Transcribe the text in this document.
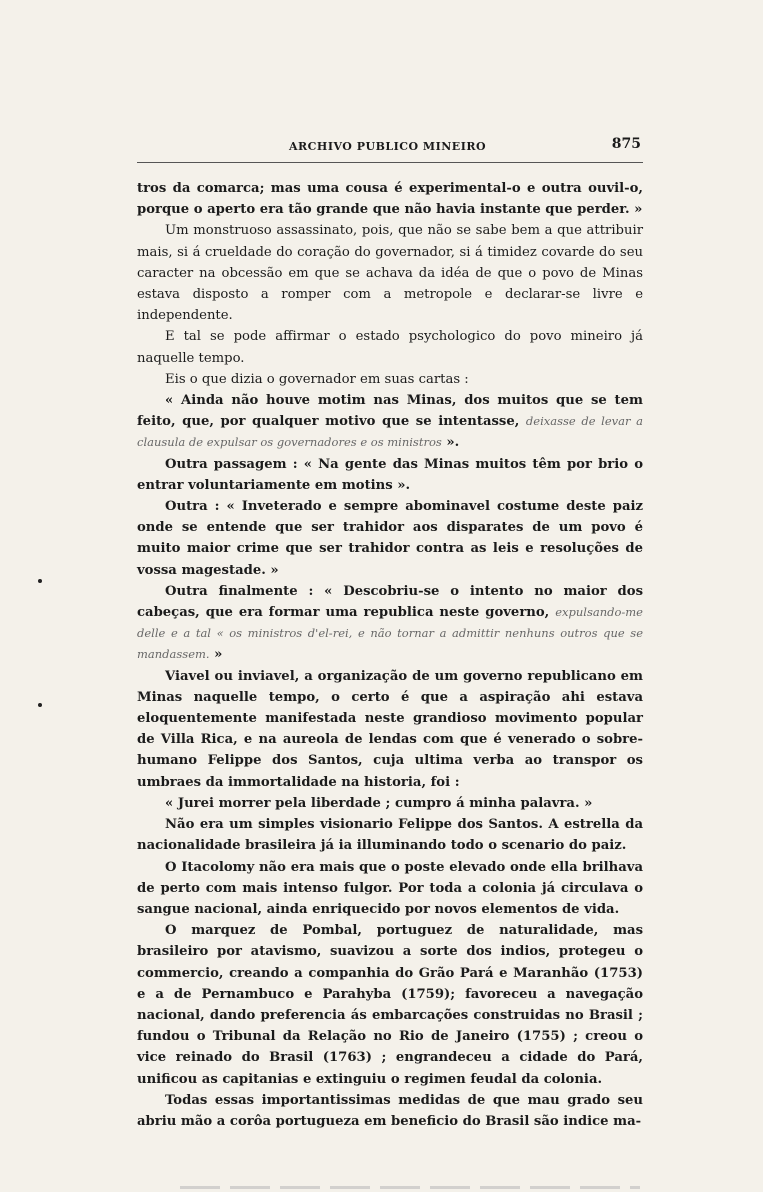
ARCHIVO PUBLICO MINEIRO	875

tros da comarca; mas uma cousa é experimental-o e outra ouvil-o, porque o aperto era tão grande que não havia instante que perder. »

Um monstruoso assassinato, pois, que não se sabe bem a que attribuir mais, si á crueldade do coração do governador, si á timidez covarde do seu caracter na obcessão em que se achava da idéa de que o povo de Minas estava disposto a romper com a metropole e declarar-se livre e independente.

E tal se pode affirmar o estado psychologico do povo mineiro já naquelle tempo.

Eis o que dizia o governador em suas cartas :

« Ainda não houve motim nas Minas, dos muitos que se tem feito, que, por qualquer motivo que se intentasse, deixasse de levar a clausula de expulsar os governadores e os ministros ».

Outra passagem : « Na gente das Minas muitos têm por brio o entrar voluntariamente em motins ».

Outra : « Inveterado e sempre abominavel costume deste paiz onde se entende que ser trahidor aos disparates de um povo é muito maior crime que ser trahidor contra as leis e resoluções de vossa magestade. »

Outra finalmente : « Descobriu-se o intento no maior dos cabeças, que era formar uma republica neste governo, expulsando-me delle e a tal « os ministros d'el-rei, e não tornar a admittir nenhuns outros que se mandassem. »

Viavel ou inviavel, a organização de um governo republicano em Minas naquelle tempo, o certo é que a aspiração ahi estava eloquentemente manifestada neste grandioso movimento popular de Villa Rica, e na aureola de lendas com que é venerado o sobre-humano Felippe dos Santos, cuja ultima verba ao transpor os umbraes da immortalidade na historia, foi :

« Jurei morrer pela liberdade ; cumpro á minha palavra. »

Não era um simples visionario Felippe dos Santos. A estrella da nacionalidade brasileira já ia illuminando todo o scenario do paiz.

O Itacolomy não era mais que o poste elevado onde ella brilhava de perto com mais intenso fulgor. Por toda a colonia já circulava o sangue nacional, ainda enriquecido por novos elementos de vida.

O marquez de Pombal, portuguez de naturalidade, mas brasileiro por atavismo, suavizou a sorte dos indios, protegeu o commercio, creando a companhia do Grão Pará e Maranhão (1753) e a de Pernambuco e Parahyba (1759); favoreceu a navegação nacional, dando preferencia ás embarcações construidas no Brasil ; fundou o Tribunal da Relação no Rio de Janeiro (1755) ; creou o vice reinado do Brasil (1763) ; engrandeceu a cidade do Pará, unificou as capitanias e extinguiu o regimen feudal da colonia.

Todas essas importantissimas medidas de que mau grado seu abriu mão a corôa portugueza em beneficio do Brasil são indice ma-
